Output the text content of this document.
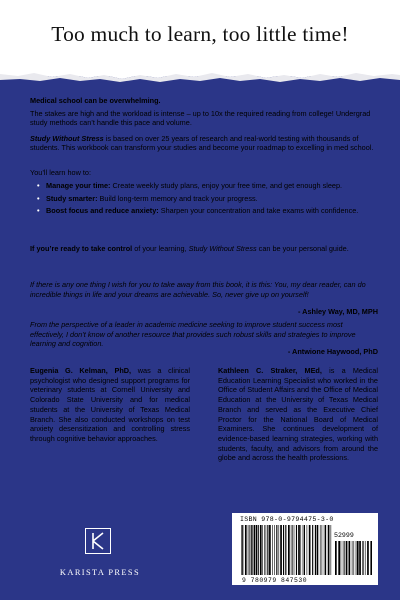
Too much to learn, too little time!

Medical school can be overwhelming.

The stakes are high and the workload is intense – up to 10x the required reading from college! Undergrad study methods can’t handle this pace and volume.

Study Without Stress is based on over 25 years of research and real-world testing with thousands of students. This workbook can transform your studies and become your roadmap to excelling in med school.

You’ll learn how to:
• Manage your time: Create weekly study plans, enjoy your free time, and get enough sleep.
• Study smarter: Build long-term memory and track your progress.
• Boost focus and reduce anxiety: Sharpen your concentration and take exams with confidence.
If you’re ready to take control of your learning, Study Without Stress can be your personal guide.
If there is any one thing I wish for you to take away from this book, it is this: You, my dear reader, can do incredible things in life and your dreams are achievable. So, never give up on yourself!
- Ashley Way, MD, MPH
From the perspective of a leader in academic medicine seeking to improve student success most effectively, I don’t know of another resource that provides such robust skills and strategies to improve learning and cognition.
- Antwione Haywood, PhD
Eugenia G. Kelman, PhD, was a clinical psychologist who designed support programs for veterinary students at Cornell University and Colorado State University and for medical students at the University of Texas Medical Branch. She also conducted workshops on test anxiety desensitization and controlling stress through cognitive behavior approaches.
Kathleen C. Straker, MEd, is a Medical Education Learning Specialist who worked in the Office of Student Affairs and the Office of Medical Education at the University of Texas Medical Branch and served as the Executive Chief Proctor for the National Board of Medical Examiners. She continues development of evidence-based learning strategies, working with students, faculty, and advisors from around the globe and across the health professions.
KARISTA PRESS
ISBN 978-0-9794475-3-0
52999
9 780979 847530
